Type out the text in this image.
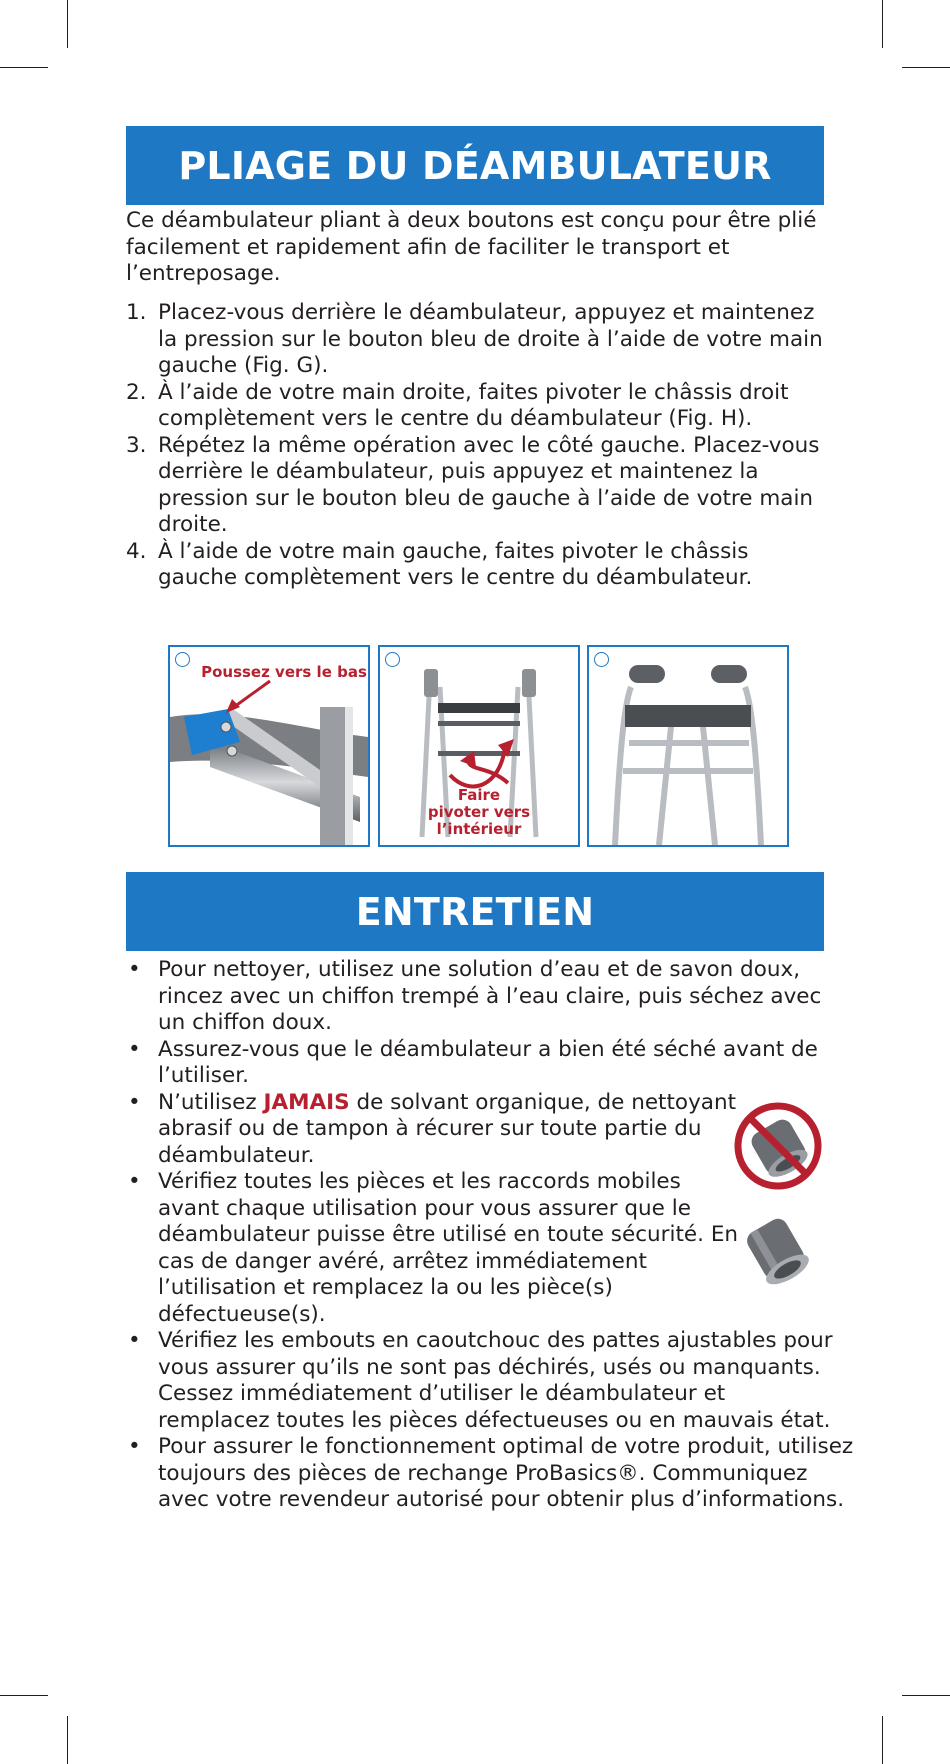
PLIAGE DU DÉAMBULATEUR

Ce déambulateur pliant à deux boutons est conçu pour être plié facilement et rapidement afin de faciliter le transport et l’entreposage.

1. Placez-vous derrière le déambulateur, appuyez et maintenez la pression sur le bouton bleu de droite à l’aide de votre main gauche (Fig. G).
2. À l’aide de votre main droite, faites pivoter le châssis droit complètement vers le centre du déambulateur (Fig. H).
3. Répétez la même opération avec le côté gauche. Placez-vous derrière le déambulateur, puis appuyez et maintenez la pression sur le bouton bleu de gauche à l’aide de votre main droite.
4. À l’aide de votre main gauche, faites pivoter le châssis gauche complètement vers le centre du déambulateur.
Poussez vers le bas
Faire
pivoter vers
l’intérieur
ENTRETIEN
• Pour nettoyer, utilisez une solution d’eau et de savon doux, rincez avec un chiffon trempé à l’eau claire, puis séchez avec un chiffon doux.
• Assurez-vous que le déambulateur a bien été séché avant de l’utiliser.
• N’utilisez JAMAIS de solvant organique, de nettoyant abrasif ou de tampon à récurer sur toute partie du déambulateur.
• Vérifiez toutes les pièces et les raccords mobiles avant chaque utilisation pour vous assurer que le déambulateur puisse être utilisé en toute sécurité. En cas de danger avéré, arrêtez immédiatement l’utilisation et remplacez la ou les pièce(s) défectueuse(s).
• Vérifiez les embouts en caoutchouc des pattes ajustables pour vous assurer qu’ils ne sont pas déchirés, usés ou manquants. Cessez immédiatement d’utiliser le déambulateur et remplacez toutes les pièces défectueuses ou en mauvais état.
• Pour assurer le fonctionnement optimal de votre produit, utilisez toujours des pièces de rechange ProBasics®. Communiquez avec votre revendeur autorisé pour obtenir plus d’informations.
